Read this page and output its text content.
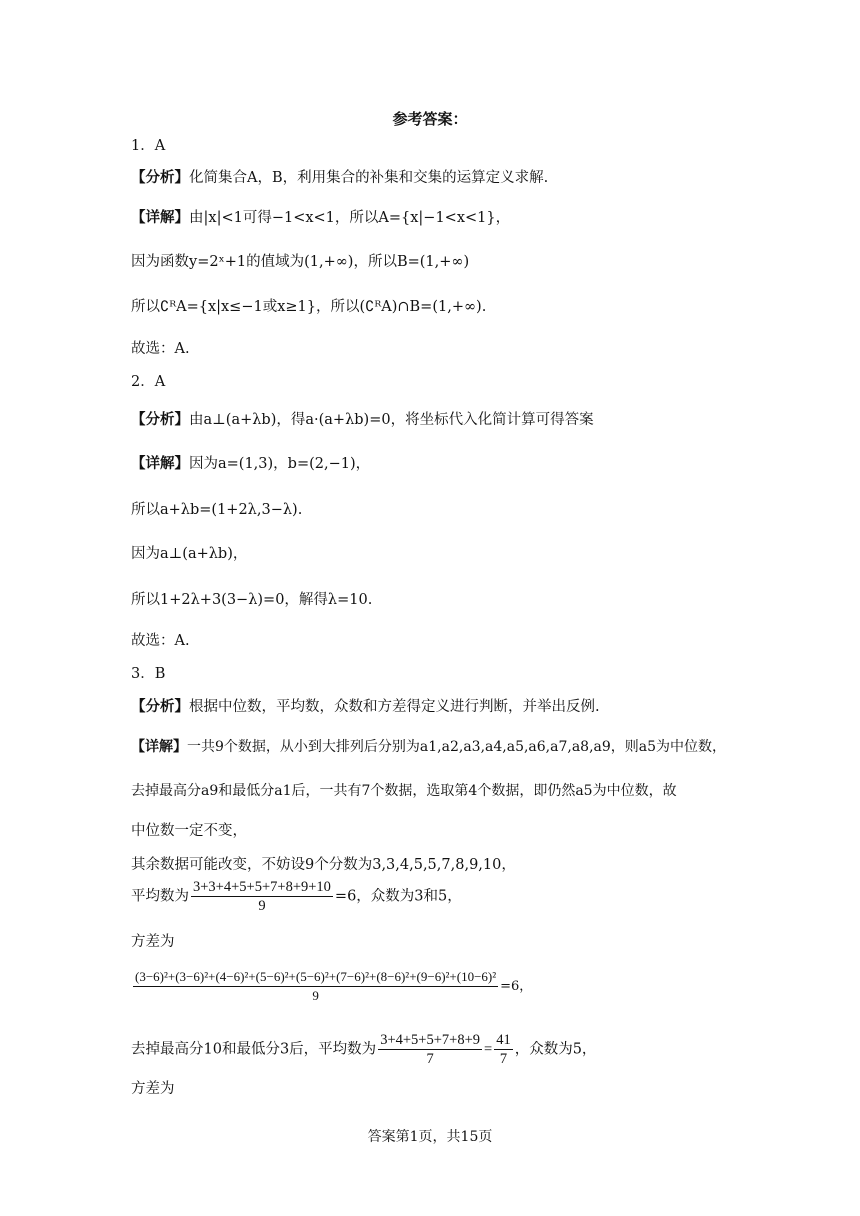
参考答案：
1．A
【分析】化简集合A，B，利用集合的补集和交集的运算定义求解.
【详解】由|x|<1可得−1<x<1，所以A={x|−1<x<1}，
因为函数y=2ˣ+1的值域为(1,+∞)，所以B=(1,+∞)
所以∁ᴿA={x|x≤−1或x≥1}，所以(∁ᴿA)∩B=(1,+∞).
故选：A.
2．A
【分析】由a⊥(a+λb)，得a·(a+λb)=0，将坐标代入化简计算可得答案
【详解】因为a=(1,3)，b=(2,−1)，
所以a+λb=(1+2λ,3−λ).
因为a⊥(a+λb)，
所以1+2λ+3(3−λ)=0，解得λ=10.
故选：A.
3．B
【分析】根据中位数，平均数，众数和方差得定义进行判断，并举出反例.
【详解】一共9个数据，从小到大排列后分别为a1,a2,a3,a4,a5,a6,a7,a8,a9，则a5为中位数，
去掉最高分a9和最低分a1后，一共有7个数据，选取第4个数据，即仍然a5为中位数，故
中位数一定不变，
其余数据可能改变，不妨设9个分数为3,3,4,5,5,7,8,9,10，
平均数为 $\frac{3+3+4+5+5+7+8+9+10}{9} =6$，众数为3和5，
方差为
(3−6)²+(3−6)²+(4−6)²+(5−6)²+(5−6)²+(7−6)²+(8−6)²+(9−6)²+(10−6)²
9
=6，
去掉最高分10和最低分3后，平均数为 $\frac{3+4+5+5+7+8+9}{7} = \frac{41}{7}$ ，众数为5，
方差为
答案第1页，共15页
